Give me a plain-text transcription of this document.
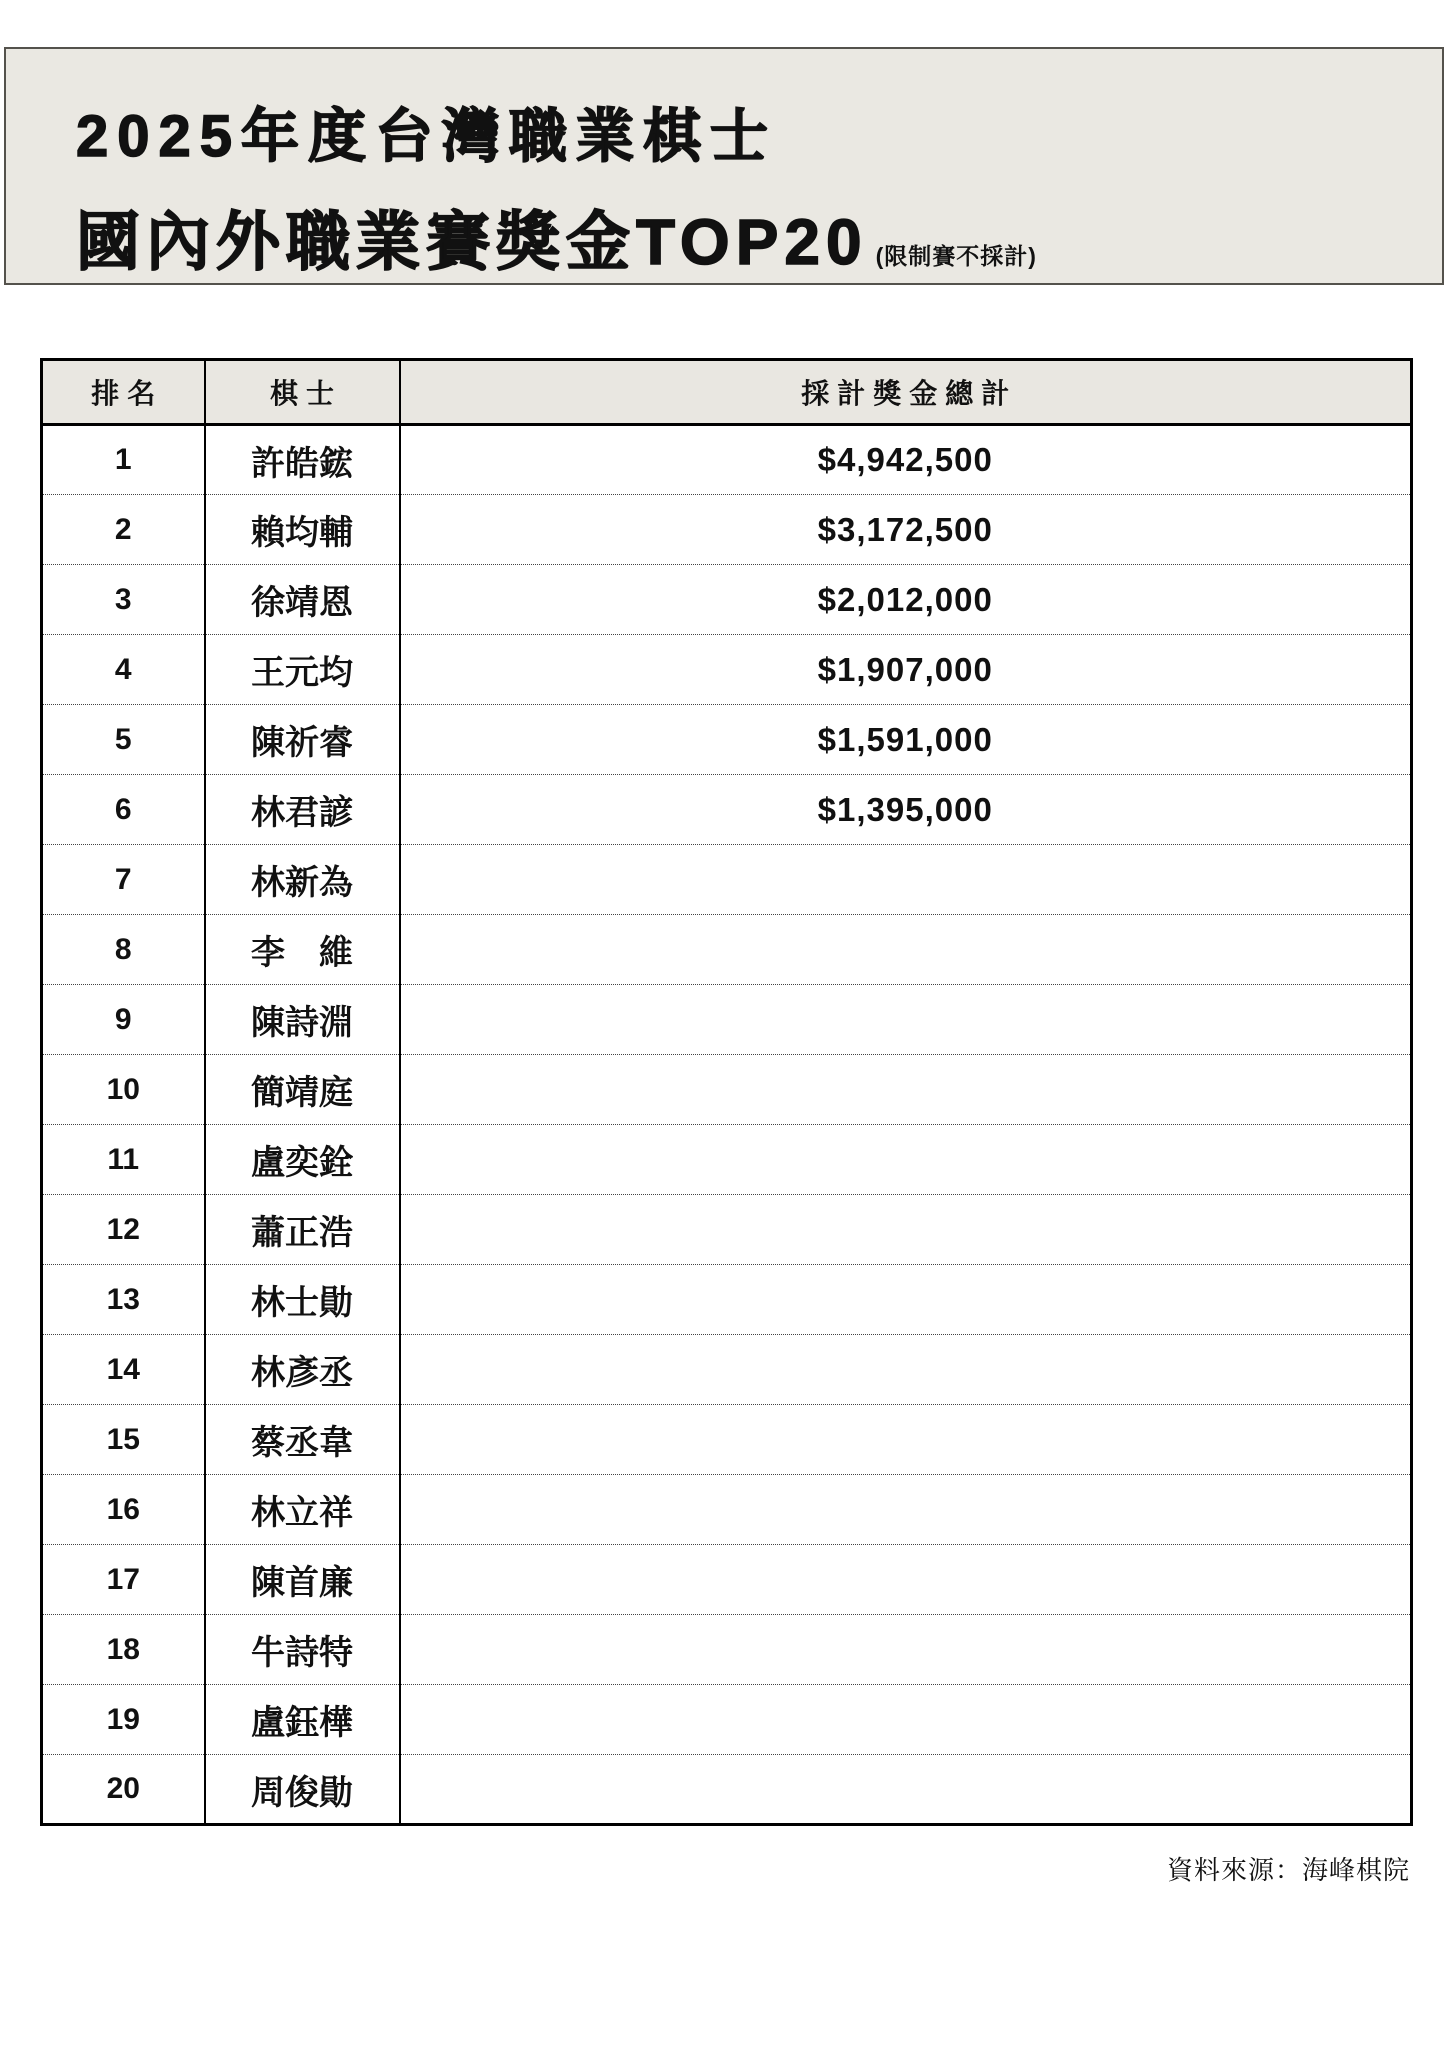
2025年度台灣職業棋士
國內外職業賽獎金TOP20 (限制賽不採計)
排名	棋士	採計獎金總計
1	許皓鋐	$4,942,500
2	賴均輔	$3,172,500
3	徐靖恩	$2,012,000
4	王元均	$1,907,000
5	陳祈睿	$1,591,000
6	林君諺	$1,395,000
7	林新為	
8	李　維	
9	陳詩淵	
10	簡靖庭	
11	盧奕銓	
12	蕭正浩	
13	林士勛	
14	林彥丞	
15	蔡丞韋	
16	林立祥	
17	陳首廉	
18	牛詩特	
19	盧鈺樺	
20	周俊勛	
資料來源：海峰棋院
